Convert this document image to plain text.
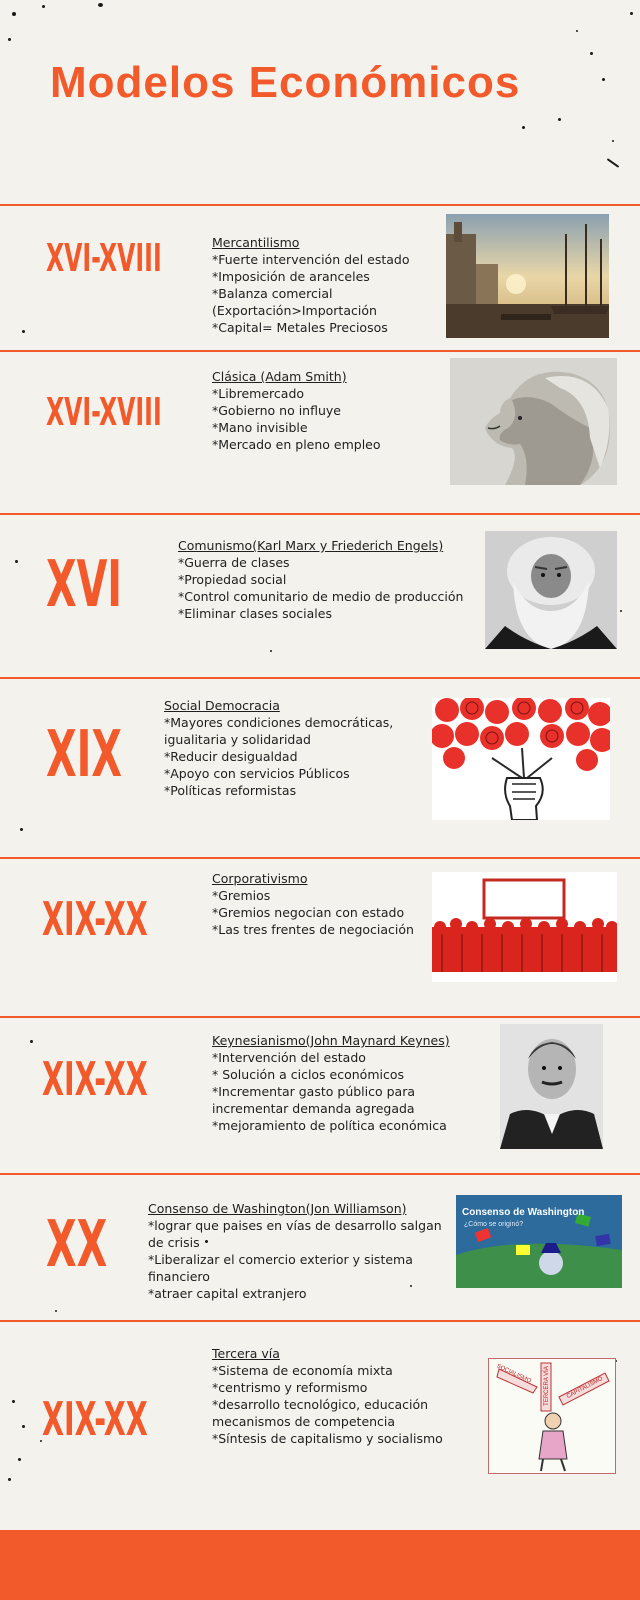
Modelos Económicos
XVI-XVIII	Mercantilismo
*Fuerte intervención del estado
*Imposición de aranceles
*Balanza comercial
(Exportación>Importación
*Capital= Metales Preciosos
XVI-XVIII
Clásica (Adam Smith)
*Libremercado
*Gobierno no influye
*Mano invisible
*Mercado en pleno empleo
XVI
Comunismo(Karl Marx y Friederich Engels)
*Guerra de clases
*Propiedad social
*Control comunitario de medio de producción
*Eliminar clases sociales
XIX
Social Democracia
*Mayores condiciones democráticas, igualitaria y solidaridad
*Reducir desigualdad
*Apoyo con servicios Públicos
*Políticas reformistas
XIX-XX
Corporativismo
*Gremios
*Gremios negocian con estado
*Las tres frentes de negociación
XIX-XX
Keynesianismo(John Maynard Keynes)
*Intervención del estado
* Solución a ciclos económicos
*Incrementar gasto público para incrementar demanda agregada
*mejoramiento de política económica
XX	Consenso de Washington(Jon Williamson)
*lograr que paises en vías de desarrollo salgan de crisis
*Liberalizar el comercio exterior y sistema financiero
*atraer capital extranjero
Consenso de Washington
¿Cómo se originó?
XIX-XX
Tercera vía
*Sistema de economía mixta
*centrismo y reformismo
*desarrollo tecnológico, educación mecanismos de competencia
*Síntesis de capitalismo y socialismo
SOCIALISMO TERCERA VÍA	CAPITALISMO
